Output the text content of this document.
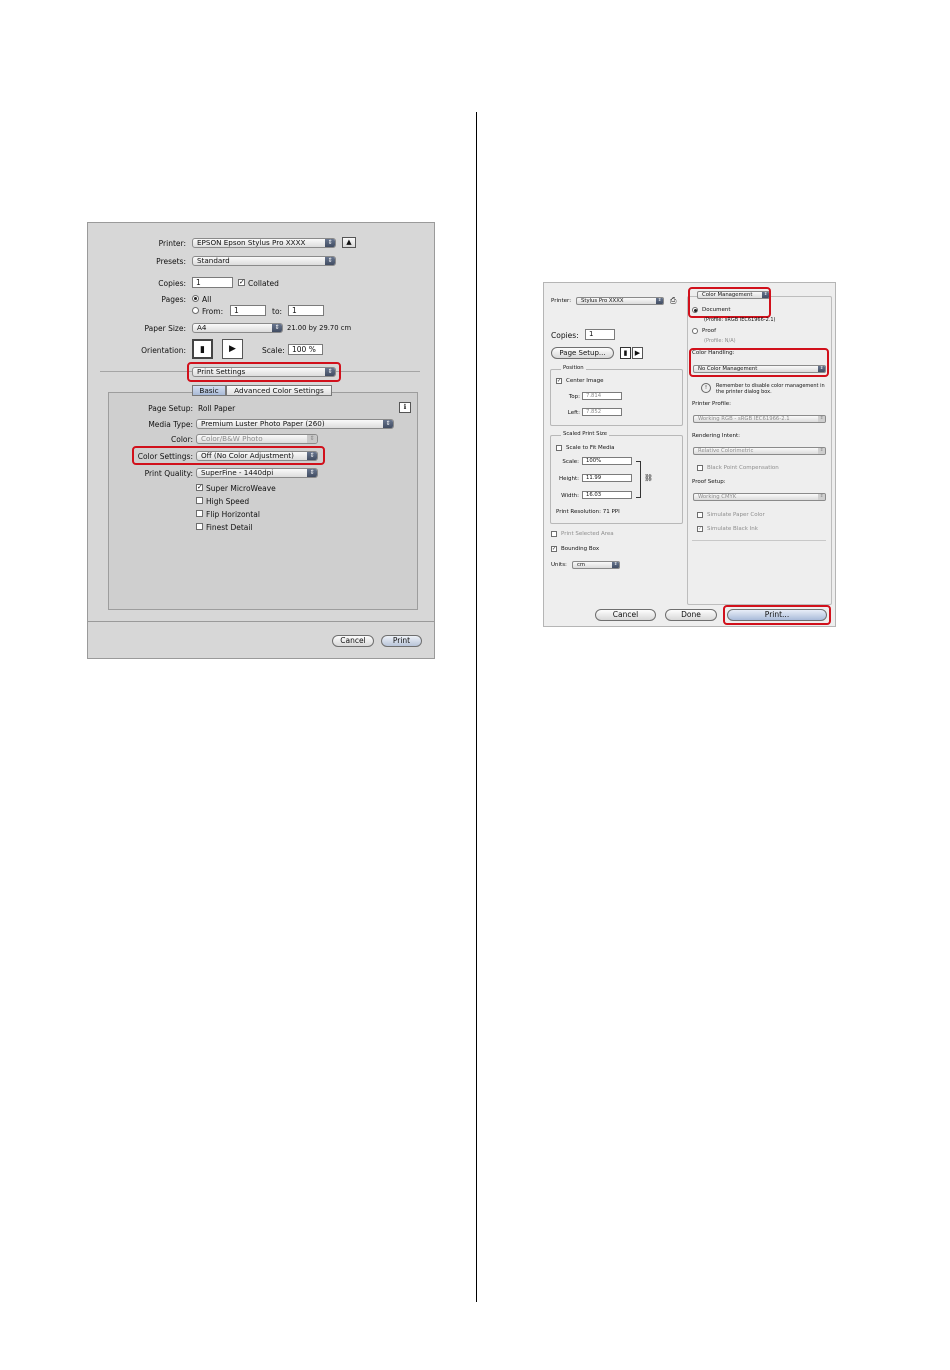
Printer:	EPSON Epson Stylus Pro XXXX	⇕	▲
Presets:	Standard	⇕
Copies:	1	✓ Collated
Pages: All
From:	1	to:	1
Paper Size:	A4	⇕	21.00 by 29.70 cm
Orientation:	▮	▶	Scale: 100 %
Print Settings	⇕
Basic	Advanced Color Settings
Page Setup: Roll Paper	ℹ
Media Type:	Premium Luster Photo Paper (260)	⇕
Color:	Color/B&W Photo	⇕
Color Settings:	Off (No Color Adjustment)	⇕
Print Quality:	SuperFine - 1440dpi	⇕
✓ Super MicroWeave
High Speed
Flip Horizontal
Finest Detail
Cancel	Print
Printer:	Stylus Pro XXXX	⇕ ⎙
Copies:	1
Page Setup...	▮	▶
Position
✓ Center Image
Top:	7.814
Left:	7.852
Scaled Print Size
Scale to Fit Media
Scale:	100%
Height:	11.99
Width:	16.03
⛓
Print Resolution: 71 PPI
Print Selected Area
✓ Bounding Box
Units:	cm	⇕
Color Management	⇕
Document
(Profile: sRGB IEC61966-2.1)
Proof
(Profile: N/A)
Color Handling:
No Color Management	⇕
!	Remember to disable color management in the printer dialog box.
Printer Profile:
Working RGB - sRGB IEC61966-2.1	⇕
Rendering Intent:
Relative Colorimetric	⇕
Black Point Compensation
Proof Setup:
Working CMYK	⇕
Simulate Paper Color
✓ Simulate Black Ink
Cancel	Done	Print...
